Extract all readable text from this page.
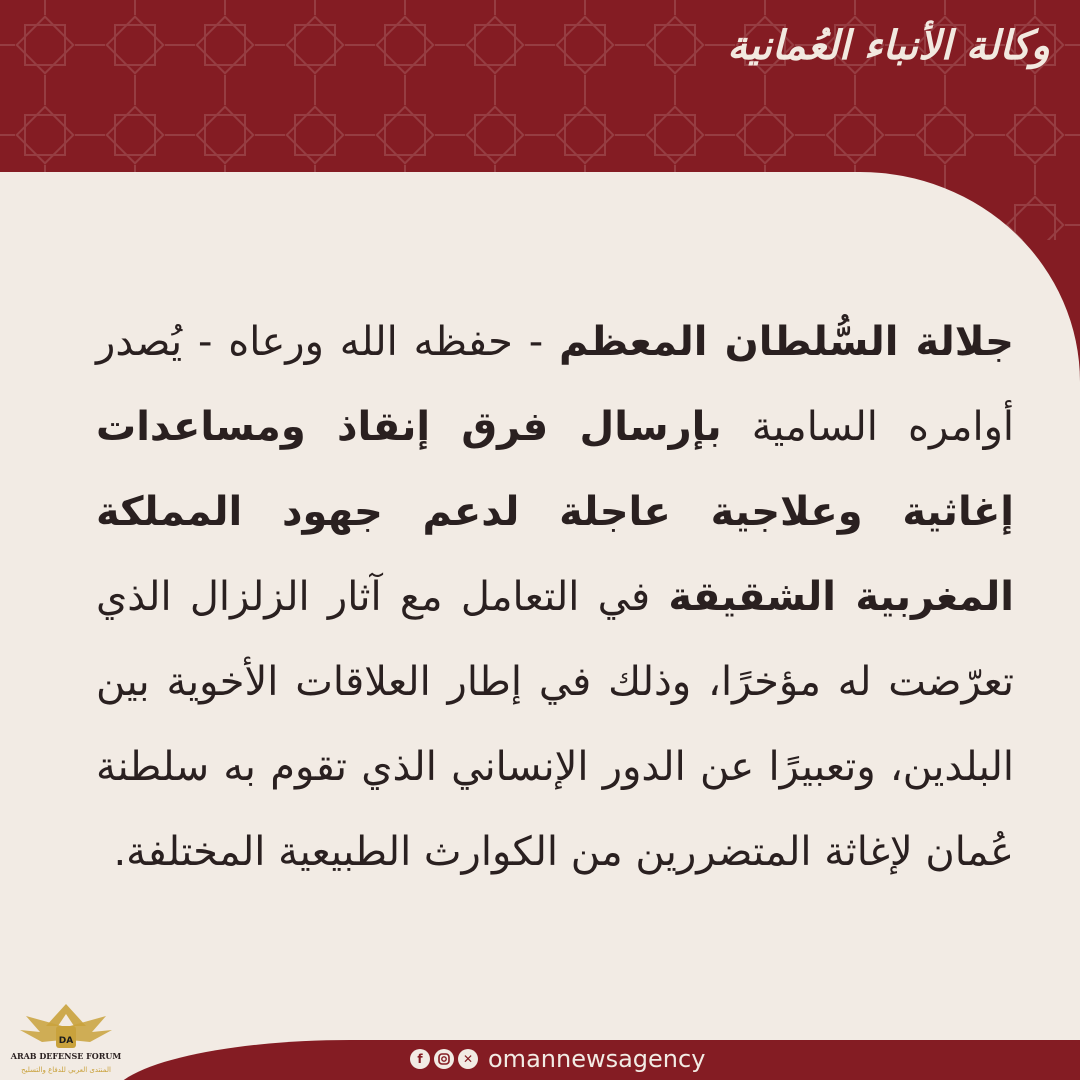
وكالة الأنباء العُمانية
جلالة السُّلطان المعظم - حفظه الله ورعاه - يُصدر أوامره السامية بإرسال فرق إنقاذ ومساعدات إغاثية وعلاجية عاجلة لدعم جهود المملكة المغربية الشقيقة في التعامل مع آثار الزلزال الذي تعرّضت له مؤخرًا، وذلك في إطار العلاقات الأخوية بين البلدين، وتعبيرًا عن الدور الإنساني الذي تقوم به سلطنة عُمان لإغاثة المتضررين من الكوارث الطبيعية المختلفة.
f	✕ omannewsagency
DA
ARAB DEFENSE FORUM
المنتدى العربي للدفاع والتسليح
